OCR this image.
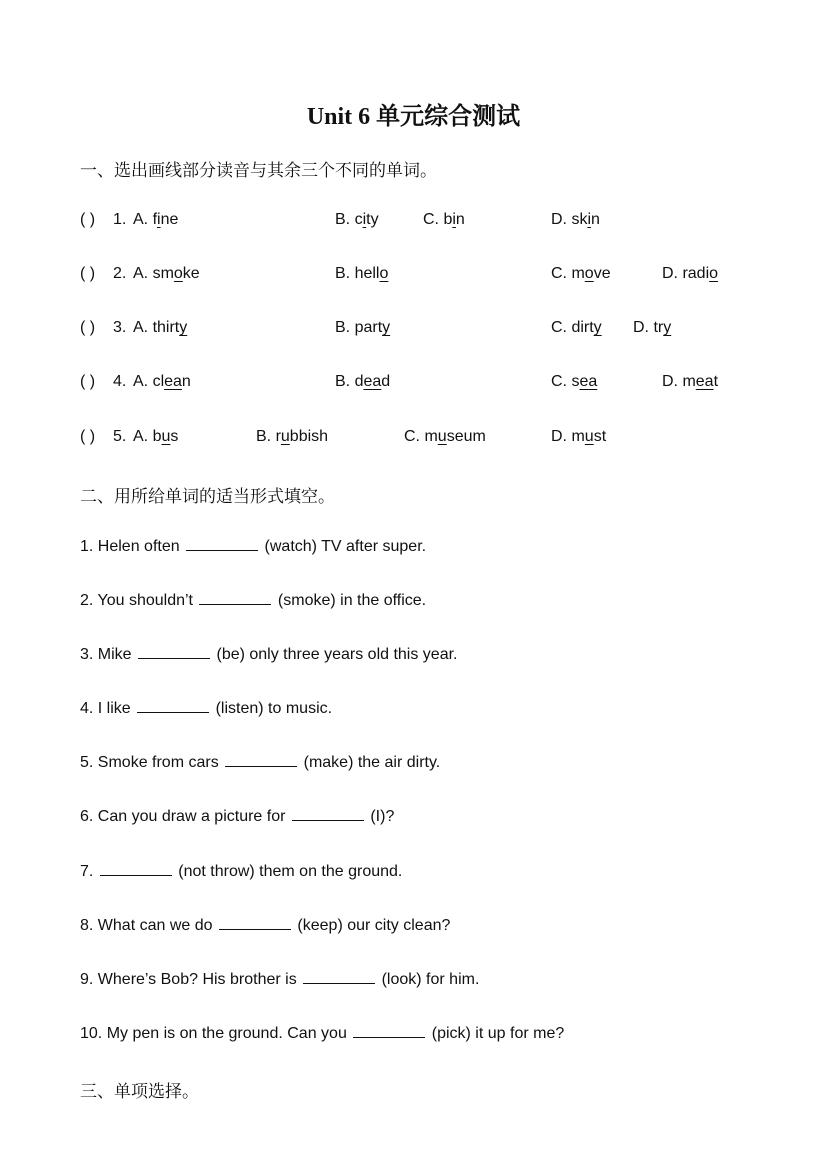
Unit 6 单元综合测试
一、选出画线部分读音与其余三个不同的单词。
( ) 1. A. fine	B. city	C. bin	D. skin
( ) 2. A. smoke	B. hello	C. move	D. radio
( ) 3. A. thirty	B. party	C. dirty D. try
( ) 4. A. clean	B. dead	C. sea	D. meat
( ) 5. A. bus	B. rubbish	C. museum	D. must
二、用所给单词的适当形式填空。
1. Helen often	(watch) TV after super.
2. You shouldn’t	(smoke) in the office.
3. Mike	(be) only three years old this year.
4. I like	(listen) to music.
5. Smoke from cars	(make) the air dirty.
6. Can you draw a picture for	(I)?
7.	(not throw) them on the ground.
8. What can we do	(keep) our city clean?
9. Where’s Bob? His brother is	(look) for him.
10. My pen is on the ground. Can you	(pick) it up for me?
三、单项选择。
